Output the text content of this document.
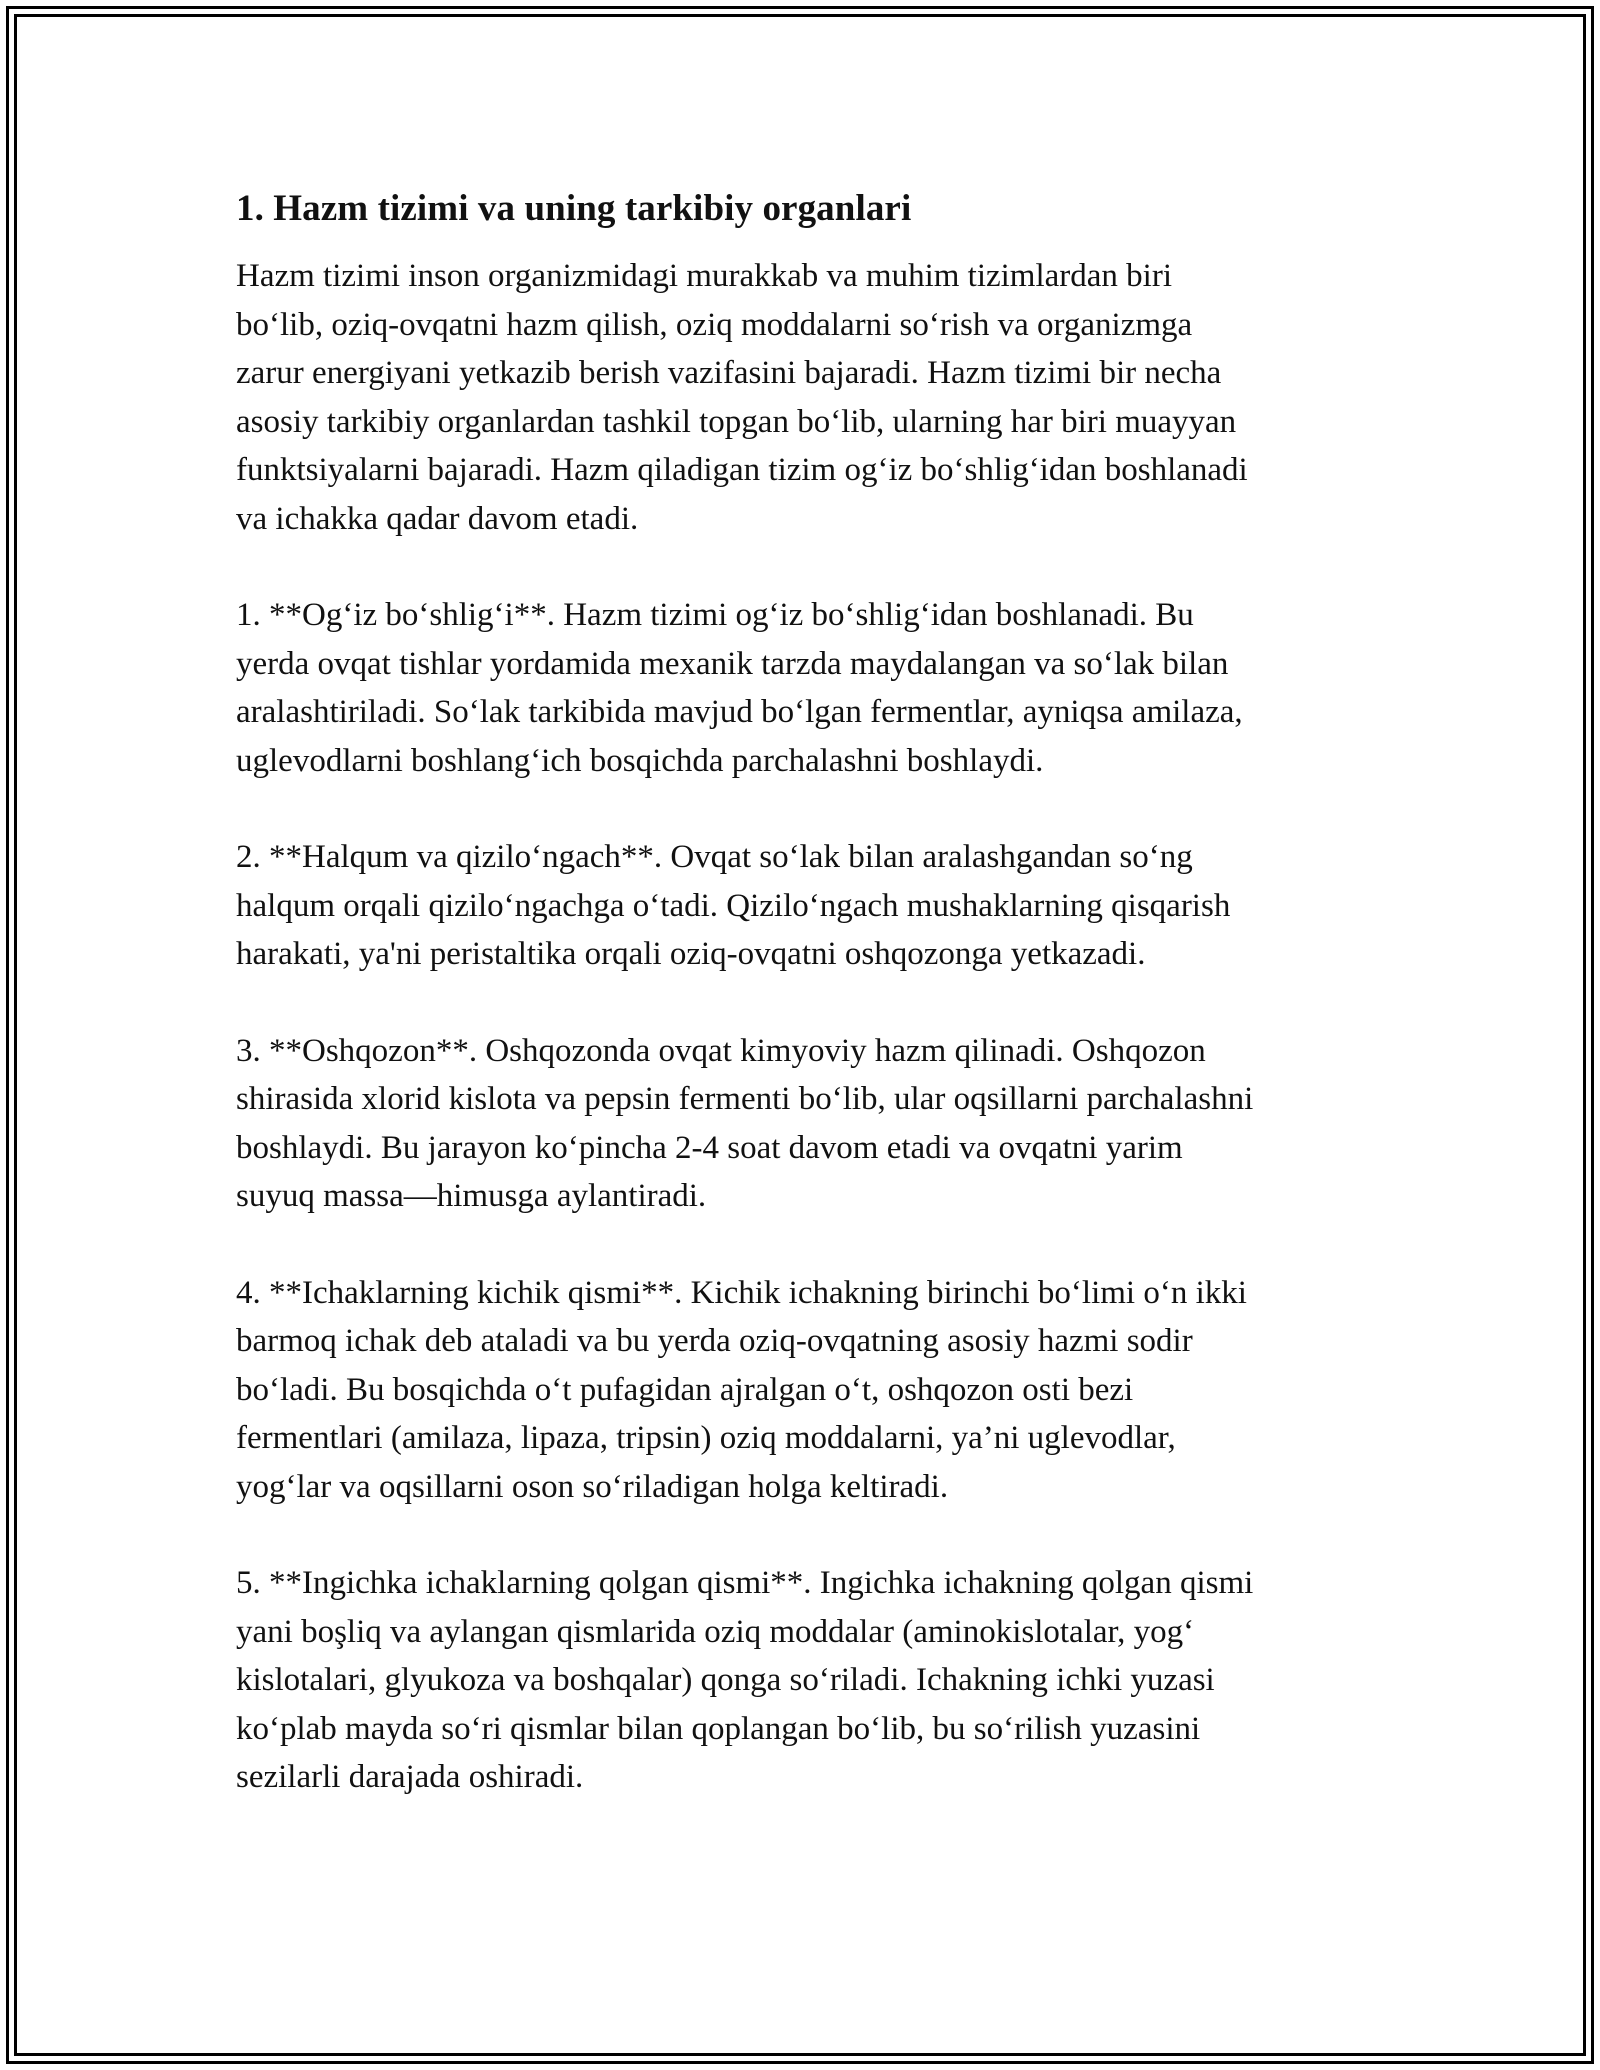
1. Hazm tizimi va uning tarkibiy organlari

Hazm tizimi inson organizmidagi murakkab va muhim tizimlardan biri
bo‘lib, oziq-ovqatni hazm qilish, oziq moddalarni so‘rish va organizmga
zarur energiyani yetkazib berish vazifasini bajaradi. Hazm tizimi bir necha
asosiy tarkibiy organlardan tashkil topgan bo‘lib, ularning har biri muayyan
funktsiyalarni bajaradi. Hazm qiladigan tizim og‘iz bo‘shlig‘idan boshlanadi
va ichakka qadar davom etadi.

1. **Og‘iz bo‘shlig‘i**. Hazm tizimi og‘iz bo‘shlig‘idan boshlanadi. Bu
yerda ovqat tishlar yordamida mexanik tarzda maydalangan va so‘lak bilan
aralashtiriladi. So‘lak tarkibida mavjud bo‘lgan fermentlar, ayniqsa amilaza,
uglevodlarni boshlang‘ich bosqichda parchalashni boshlaydi.

2. **Halqum va qizilo‘ngach**. Ovqat so‘lak bilan aralashgandan so‘ng
halqum orqali qizilo‘ngachga o‘tadi. Qizilo‘ngach mushaklarning qisqarish
harakati, ya'ni peristaltika orqali oziq-ovqatni oshqozonga yetkazadi.

3. **Oshqozon**. Oshqozonda ovqat kimyoviy hazm qilinadi. Oshqozon
shirasida xlorid kislota va pepsin fermenti bo‘lib, ular oqsillarni parchalashni
boshlaydi. Bu jarayon ko‘pincha 2-4 soat davom etadi va ovqatni yarim
suyuq massa—himusga aylantiradi.

4. **Ichaklarning kichik qismi**. Kichik ichakning birinchi bo‘limi o‘n ikki
barmoq ichak deb ataladi va bu yerda oziq-ovqatning asosiy hazmi sodir
bo‘ladi. Bu bosqichda o‘t pufagidan ajralgan o‘t, oshqozon osti bezi
fermentlari (amilaza, lipaza, tripsin) oziq moddalarni, ya’ni uglevodlar,
yog‘lar va oqsillarni oson so‘riladigan holga keltiradi.

5. **Ingichka ichaklarning qolgan qismi**. Ingichka ichakning qolgan qismi
yani boşliq va aylangan qismlarida oziq moddalar (aminokislotalar, yog‘
kislotalari, glyukoza va boshqalar) qonga so‘riladi. Ichakning ichki yuzasi
ko‘plab mayda so‘ri qismlar bilan qoplangan bo‘lib, bu so‘rilish yuzasini
sezilarli darajada oshiradi.
